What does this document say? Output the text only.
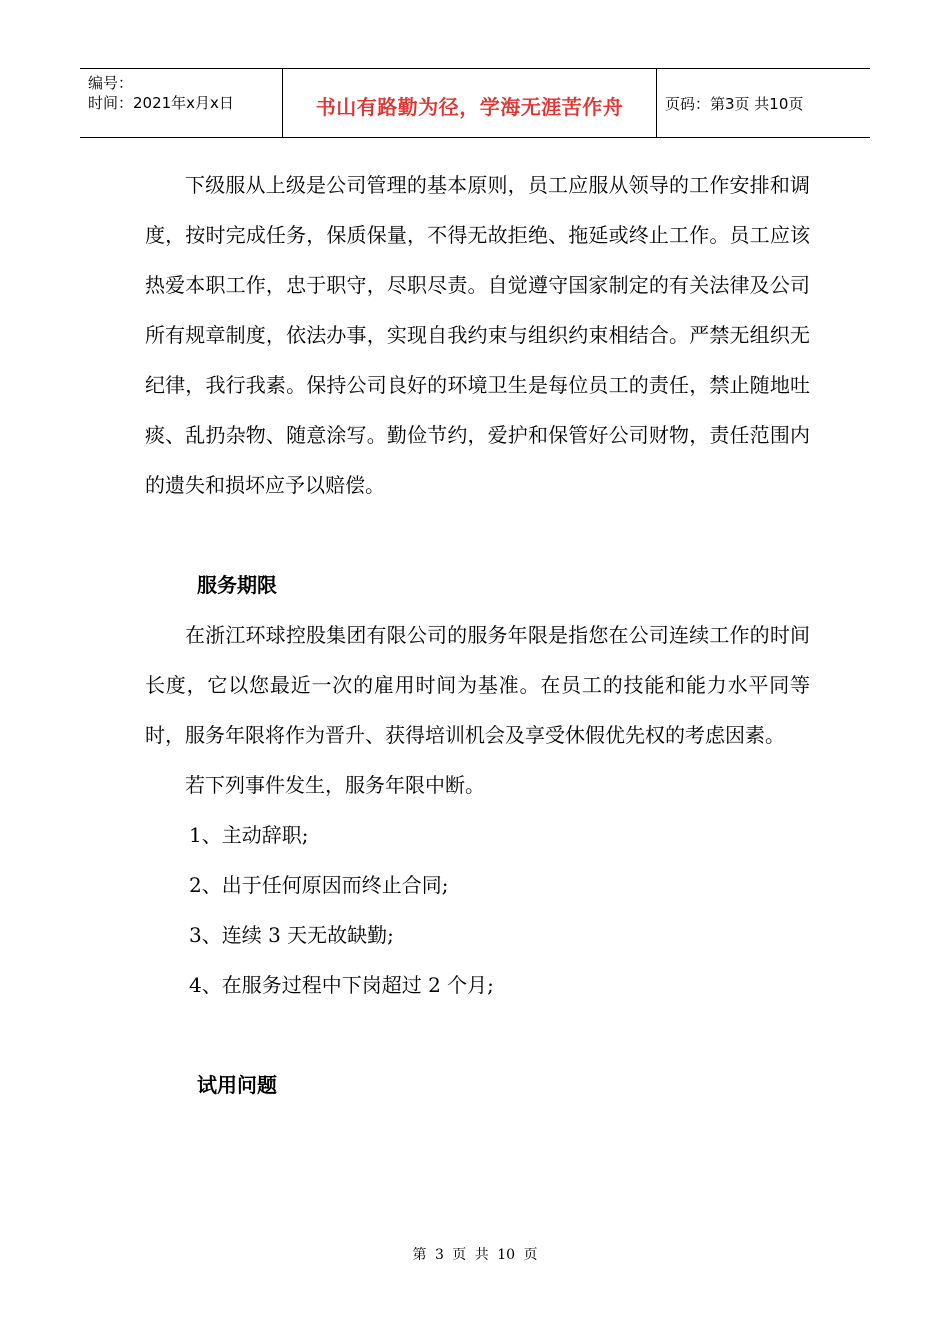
编号：
时间：2021年x月x日	书山有路勤为径，学海无涯苦作舟	页码：第3页 共10页

下级服从上级是公司管理的基本原则，员工应服从领导的工作安排和调度，按时完成任务，保质保量，不得无故拒绝、拖延或终止工作。员工应该热爱本职工作，忠于职守，尽职尽责。自觉遵守国家制定的有关法律及公司所有规章制度，依法办事，实现自我约束与组织约束相结合。严禁无组织无纪律，我行我素。保持公司良好的环境卫生是每位员工的责任，禁止随地吐痰、乱扔杂物、随意涂写。勤俭节约，爱护和保管好公司财物，责任范围内的遗失和损坏应予以赔偿。

服务期限

在浙江环球控股集团有限公司的服务年限是指您在公司连续工作的时间长度，它以您最近一次的雇用时间为基准。在员工的技能和能力水平同等时，服务年限将作为晋升、获得培训机会及享受休假优先权的考虑因素。

若下列事件发生，服务年限中断。

1、主动辞职;

2、出于任何原因而终止合同;

3、连续 3 天无故缺勤;

4、在服务过程中下岗超过 2 个月;

试用问题

第 3 页 共 10 页
